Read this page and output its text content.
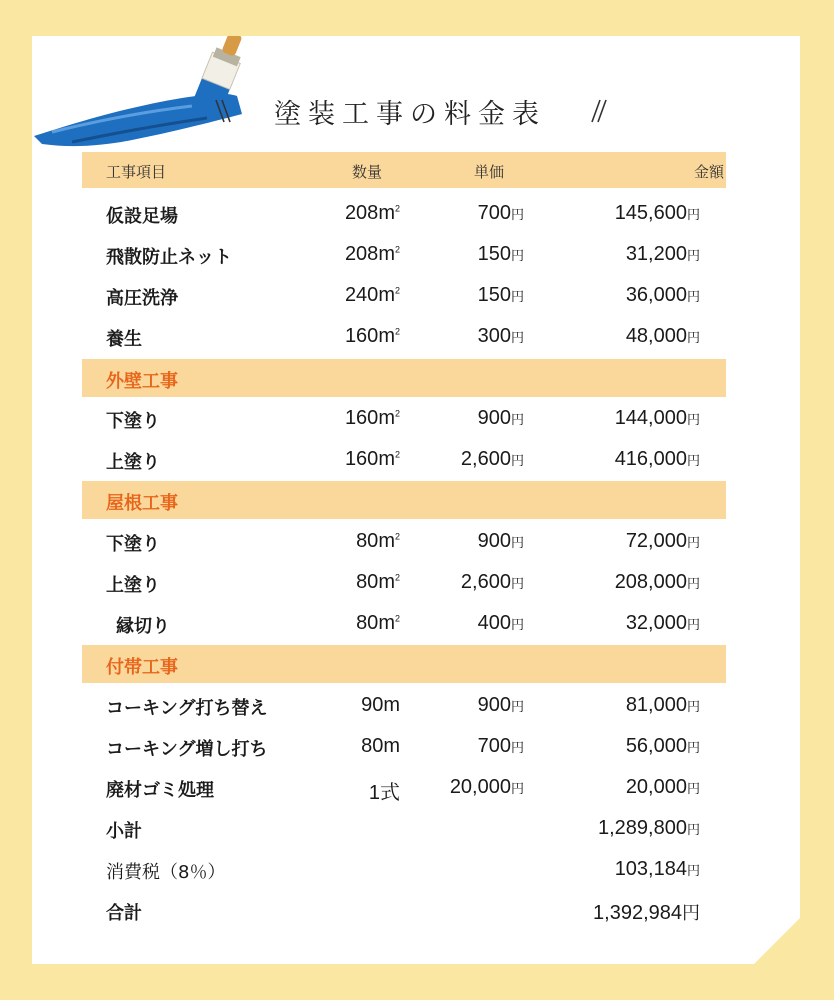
塗装工事の料金表
工事項目	数量	単価	金額
仮設足場	$208m^2$	700円	145,600円
飛散防止ネット	$208m^2$	150円	31,200円
高圧洗浄	$240m^2$	150円	36,000円
養生	$160m^2$	300円	48,000円
外壁工事
下塗り	$160m^2$	900円	144,000円
上塗り	$160m^2$	2,600円	416,000円
屋根工事
下塗り	$80m^2$	900円	72,000円
上塗り	$80m^2$	2,600円	208,000円
縁切り	$80m^2$	400円	32,000円
付帯工事
コーキング打ち替え	90m	900円	81,000円
コーキング増し打ち	80m	700円	56,000円
廃材ゴミ処理	1式	20,000円	20,000円
小計	1,289,800円
消費税（8％）	103,184円
合計	1,392,984円
